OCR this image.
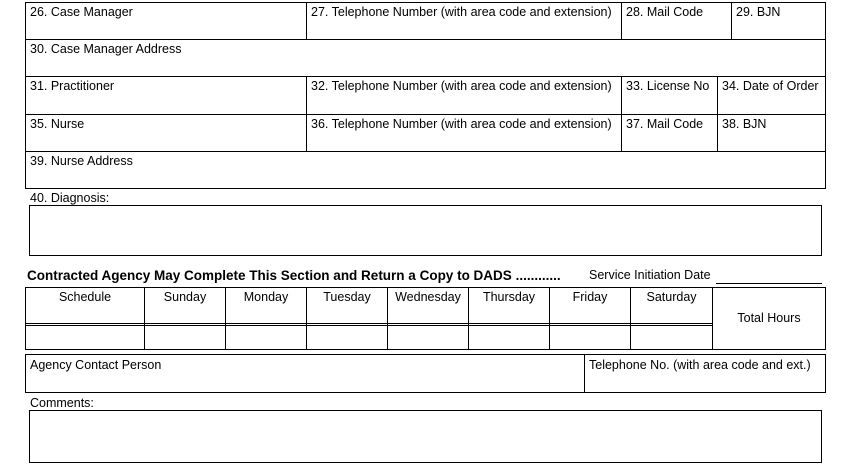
26. Case Manager	27. Telephone Number (with area code and extension) 28. Mail Code	29. BJN
30. Case Manager Address
31. Practitioner	32. Telephone Number (with area code and extension) 33. License No 34. Date of Order
35. Nurse	36. Telephone Number (with area code and extension) 37. Mail Code 38. BJN
39. Nurse Address
40. Diagnosis:
Contracted Agency May Complete This Section and Return a Copy to DADS ............ Service Initiation Date
Schedule	Sunday	Monday	Tuesday	Wednesday	Thursday	Friday	Saturday
Total Hours
Agency Contact Person	Telephone No. (with area code and ext.)
Comments:
